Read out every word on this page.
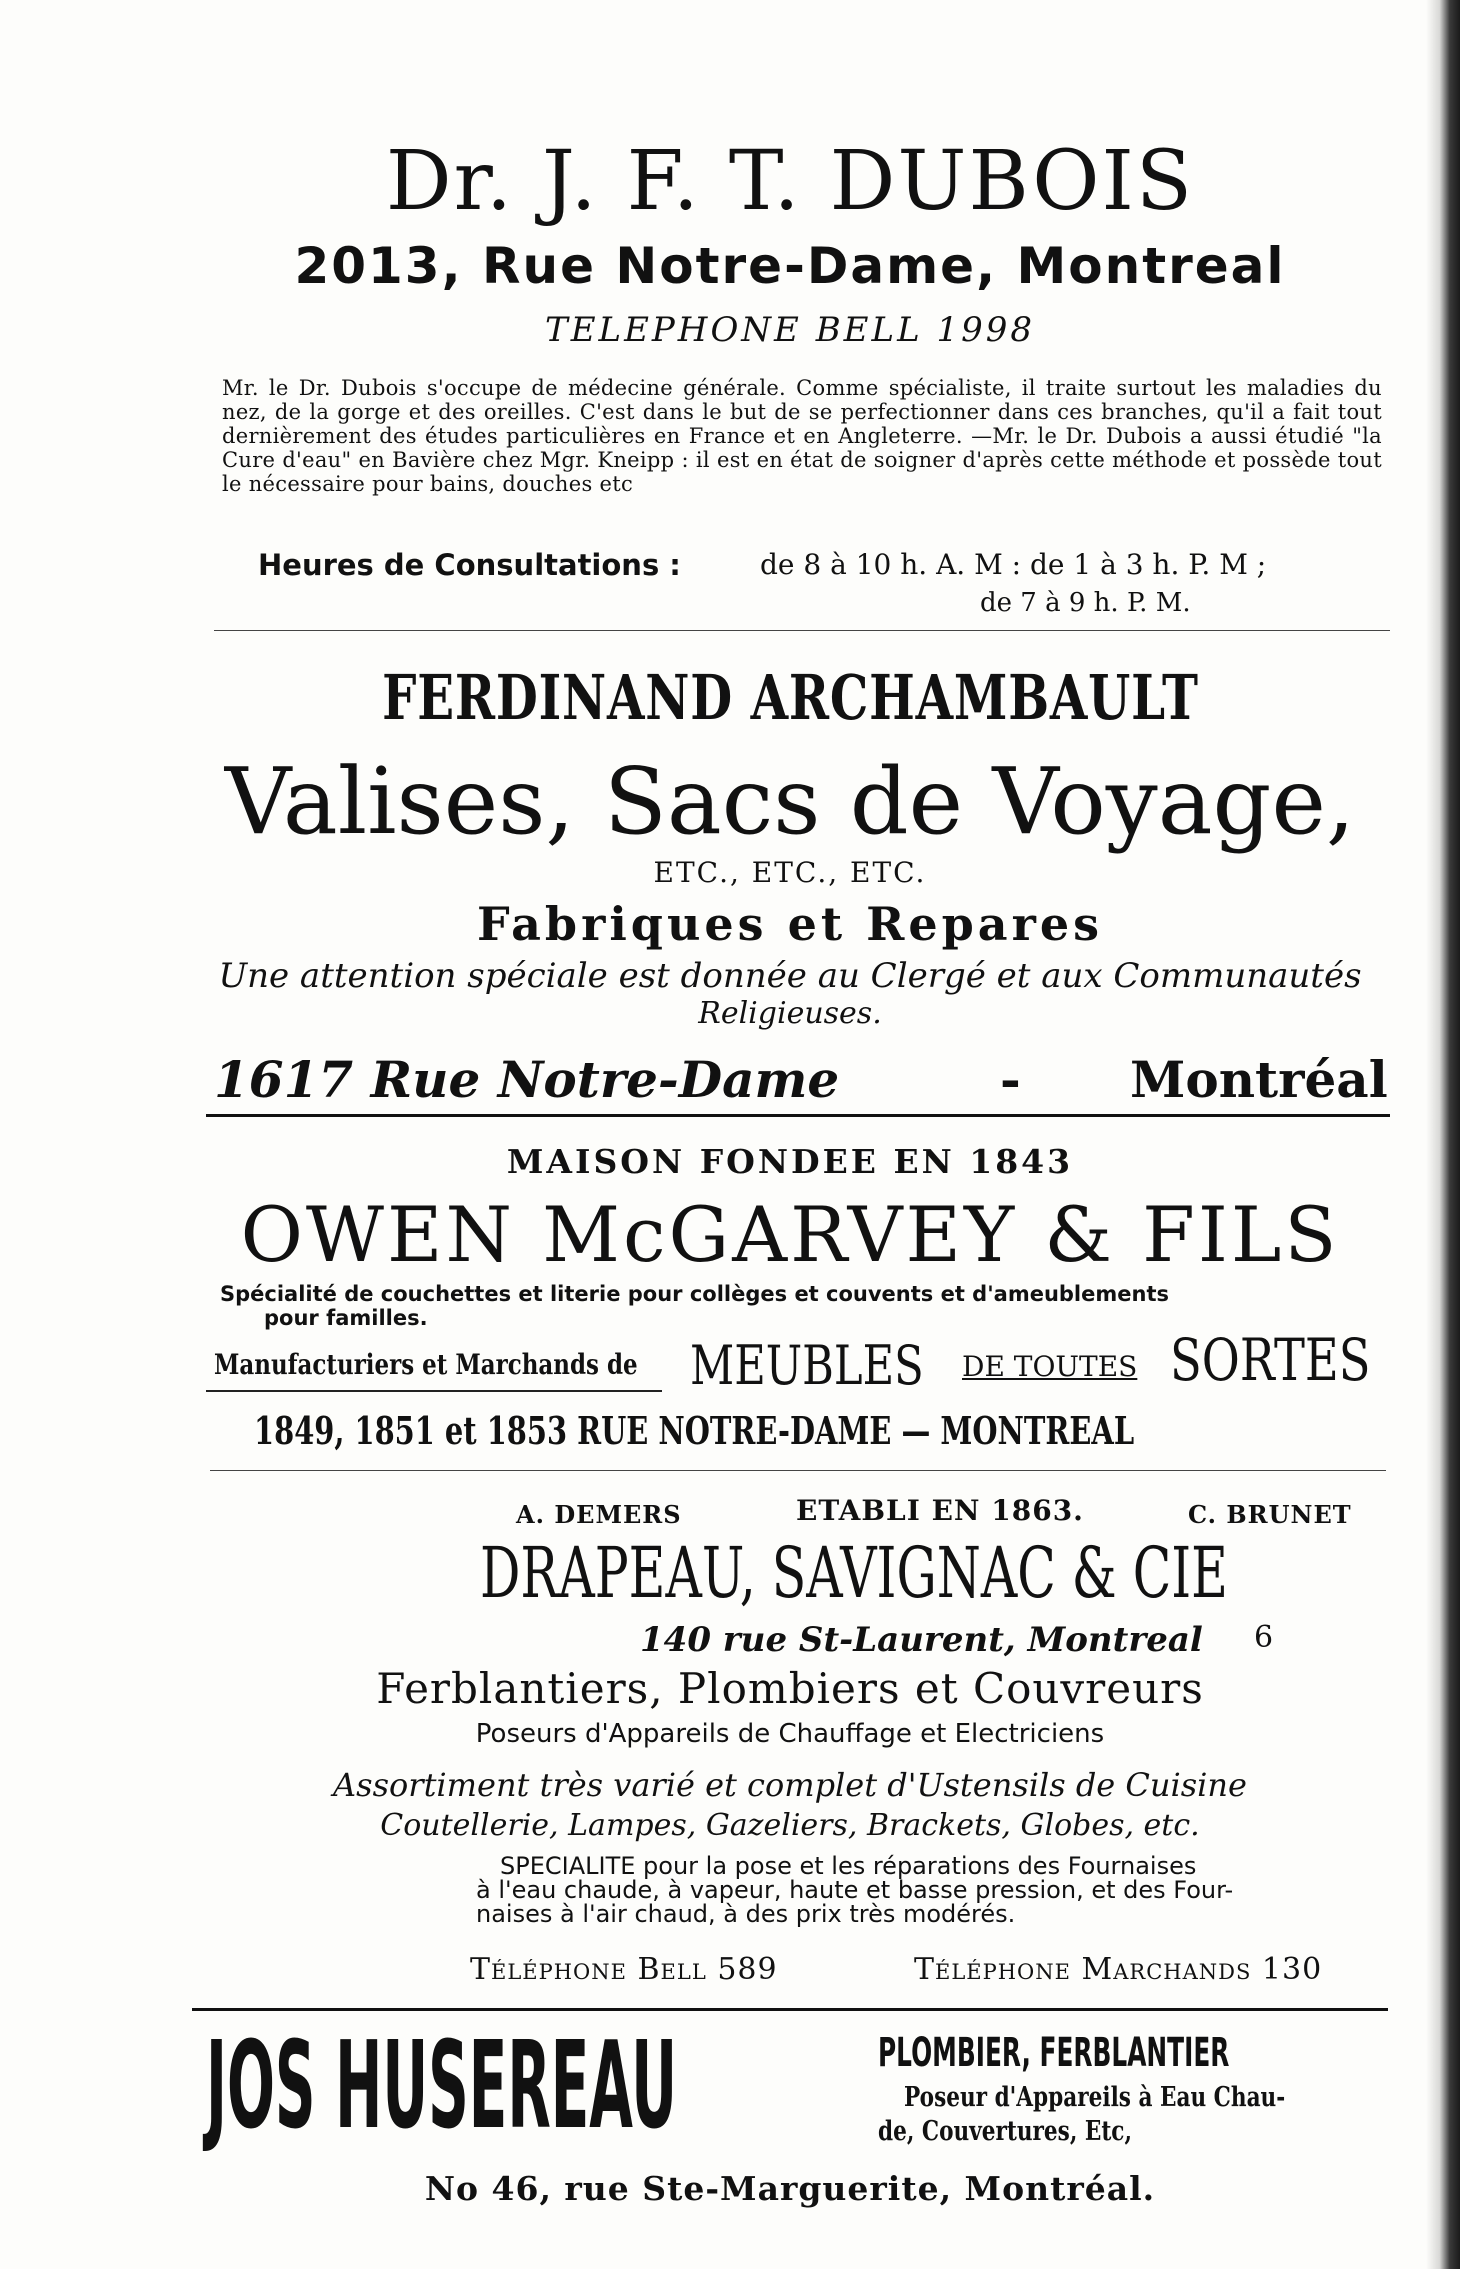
Dr. J. F. T. DUBOIS
2013, Rue Notre-Dame, Montreal
TELEPHONE BELL 1998

Mr. le Dr. Dubois s'occupe de médecine générale. Comme spécialiste, il traite surtout les maladies du nez, de la gorge et des oreilles. C'est dans le but de se perfectionner dans ces branches, qu'il a fait tout dernièrement des études particulières en France et en Angleterre. —Mr. le Dr. Dubois a aussi étudié "la Cure d'eau" en Bavière chez Mgr. Kneipp : il est en état de soigner d'après cette méthode et possède tout le nécessaire pour bains, douches etc

Heures de Consultations :	de 8 à 10 h. A. M : de 1 à 3 h. P. M ;
de 7 à 9 h. P. M.
FERDINAND ARCHAMBAULT
Valises, Sacs de Voyage,
ETC., ETC., ETC.
Fabriques et Repares
Une attention spéciale est donnée au Clergé et aux Communautés
Religieuses.
1617 Rue Notre-Dame	- Montréal
MAISON FONDEE EN 1843
OWEN McGARVEY & FILS
Spécialité de couchettes et literie pour collèges et couvents et d'ameublements
pour familles.
Manufacturiers et Marchands de MEUBLES	DE TOUTES SORTES
1849, 1851 et 1853 RUE NOTRE-DAME — MONTREAL
A. DEMERS	ETABLI EN 1863.	C. BRUNET
DRAPEAU, SAVIGNAC & CIE
140 rue St-Laurent, Montreal 6
Ferblantiers, Plombiers et Couvreurs
Poseurs d'Appareils de Chauffage et Electriciens
Assortiment très varié et complet d'Ustensils de Cuisine
Coutellerie, Lampes, Gazeliers, Brackets, Globes, etc.
SPECIALITE pour la pose et les réparations des Fournaises
à l'eau chaude, à vapeur, haute et basse pression, et des Four-
naises à l'air chaud, à des prix très modérés.
Téléphone Bell 589	Téléphone Marchands 130
JOS HUSEREAU	PLOMBIER, FERBLANTIER
Poseur d'Appareils à Eau Chau-
de, Couvertures, Etc,
No 46, rue Ste-Marguerite, Montréal.
